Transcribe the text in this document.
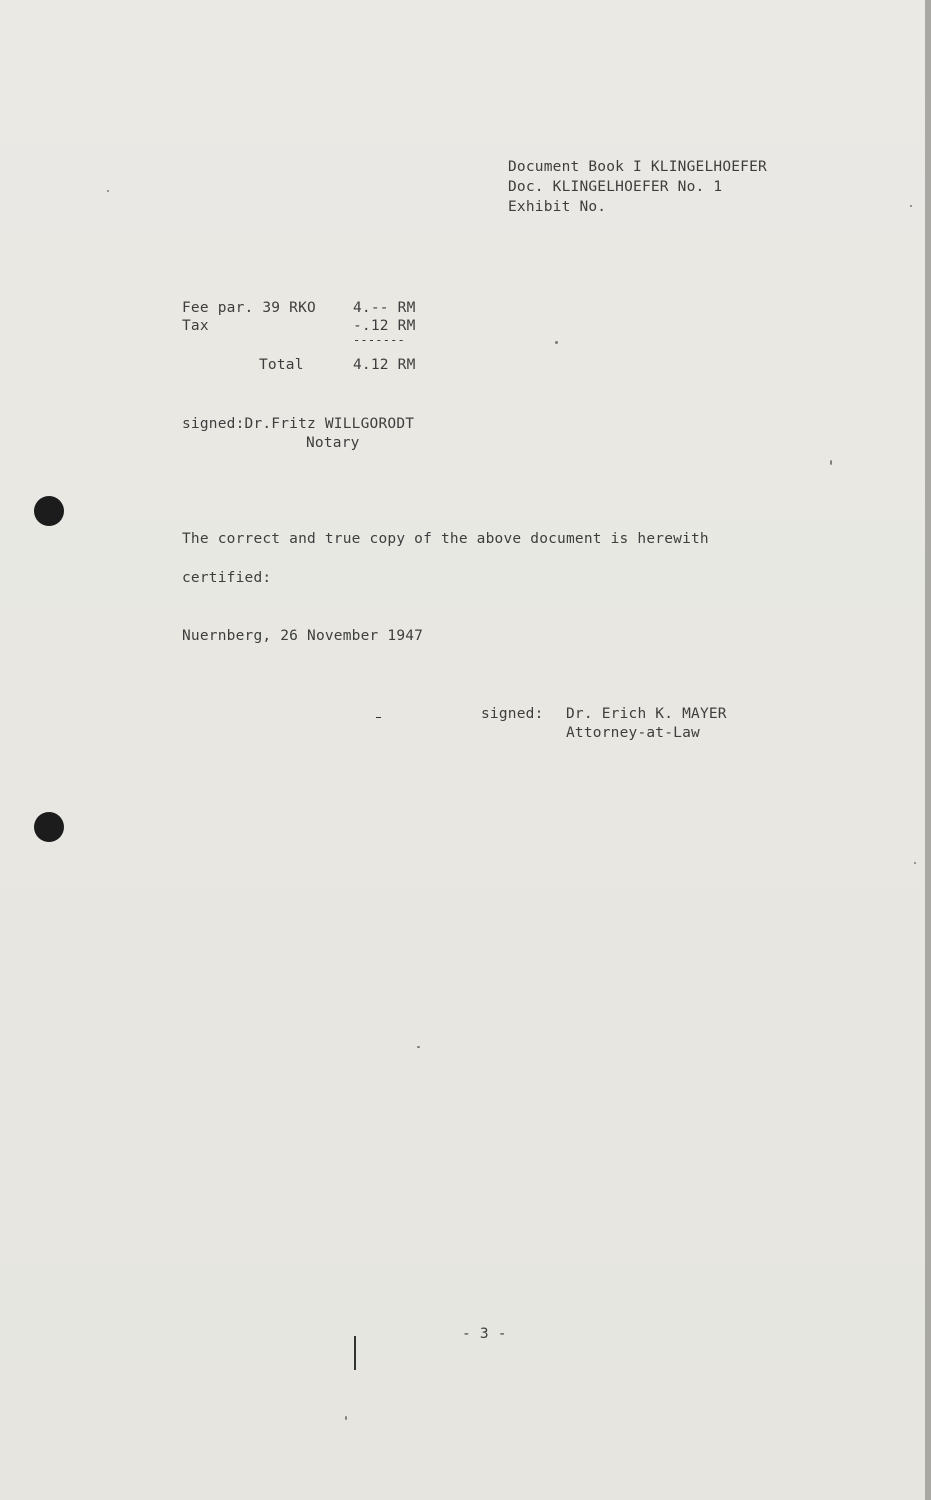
Document Book I KLINGELHOEFER
Doc. KLINGELHOEFER No. 1
Exhibit No.
Fee par. 39 RKO	4.-- RM
Tax	-.12 RM
-------
Total	4.12 RM
signed:Dr.Fritz WILLGORODT
Notary
The correct and true copy of the above document is herewith
certified:
Nuernberg, 26 November 1947
signed: Dr. Erich K. MAYER
Attorney-at-Law
- 3 -
